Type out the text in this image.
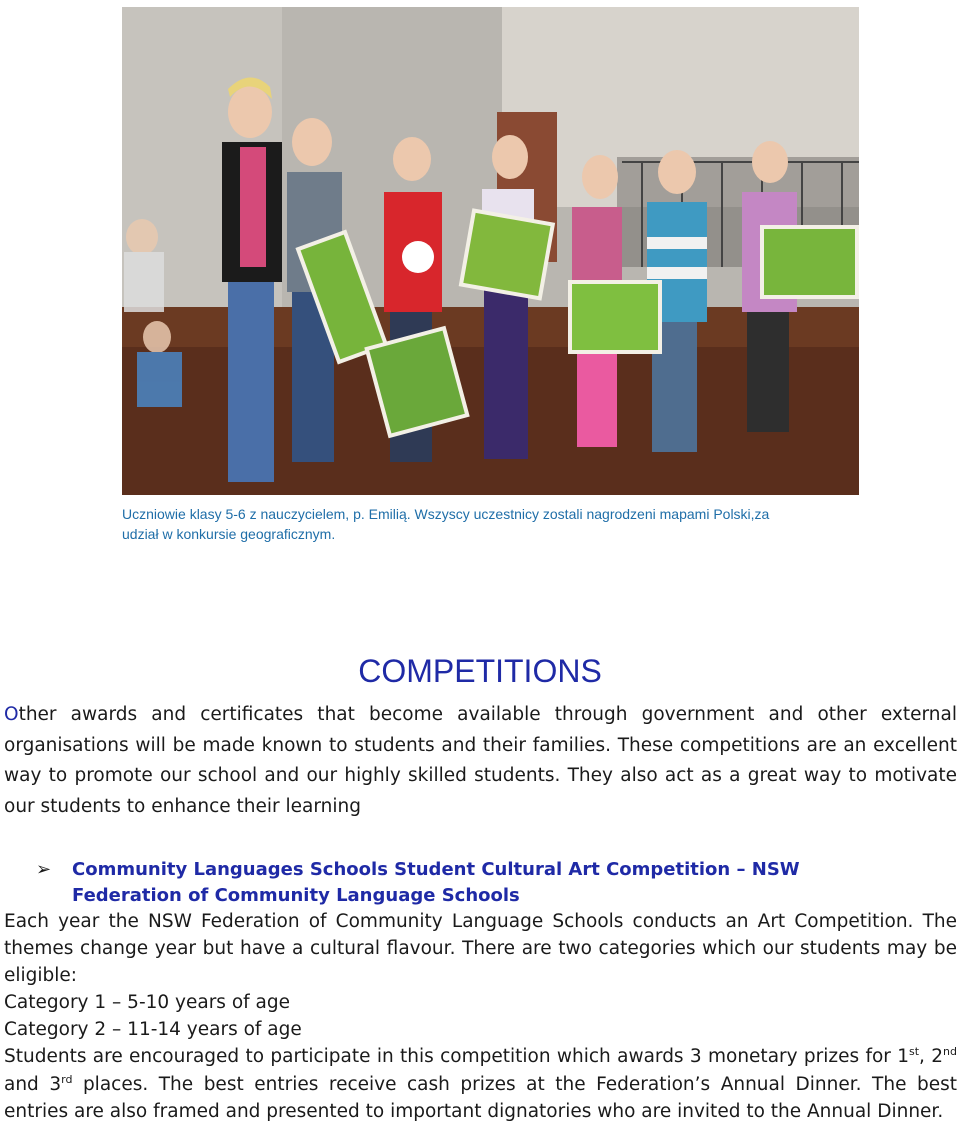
Uczniowie klasy 5-6 z nauczycielem, p. Emilią. Wszyscy uczestnicy zostali nagrodzeni mapami Polski,za
udział w konkursie geograficznym.
COMPETITIONS
Other awards and certificates that become available through government and other external organisations will be made known to students and their families. These competitions are an excellent way to promote our school and our highly skilled students. They also act as a great way to motivate our students to enhance their learning
➢	Community Languages Schools Student Cultural Art Competition – NSW Federation of Community Language Schools

Each year the NSW Federation of Community Language Schools conducts an Art Competition. The themes change year but have a cultural flavour. There are two categories which our students may be eligible:

Category 1 – 5-10 years of age

Category 2 – 11-14 years of age

Students are encouraged to participate in this competition which awards 3 monetary prizes for 1st, 2nd and 3rd places. The best entries receive cash prizes at the Federation’s Annual Dinner. The best entries are also framed and presented to important dignatories who are invited to the Annual Dinner.
